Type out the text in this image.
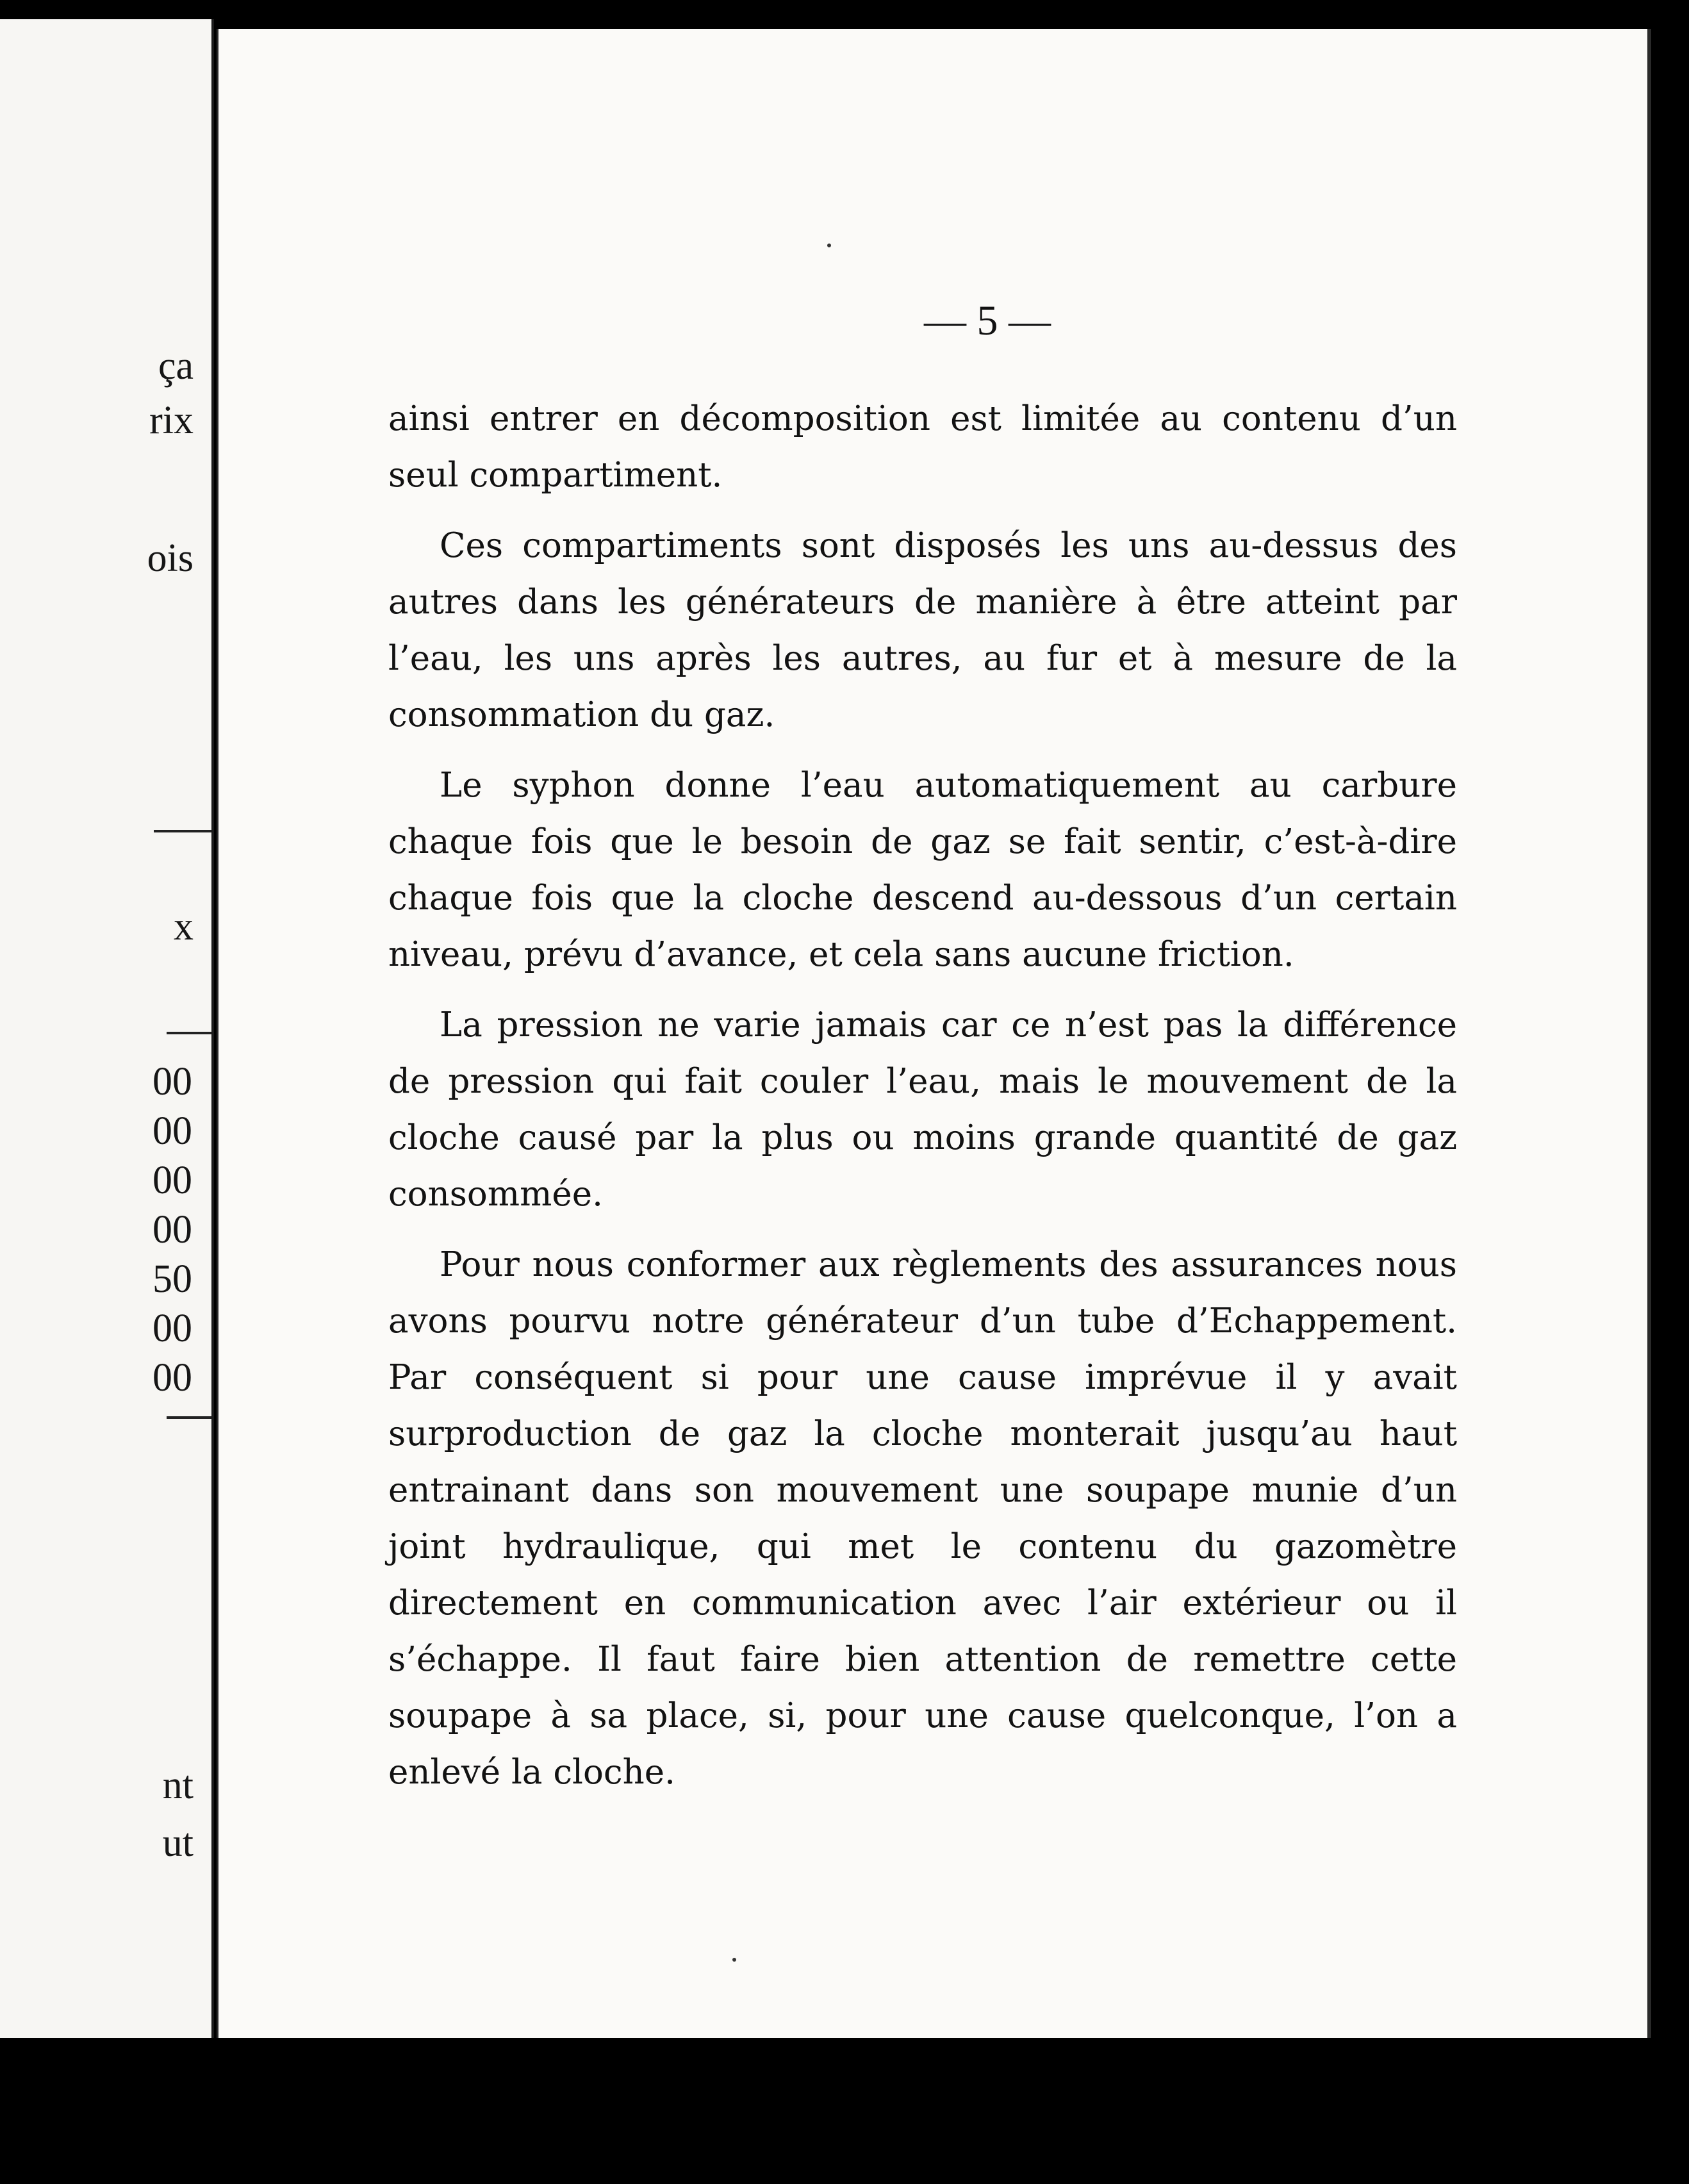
ça
rix
ois
x
00
00
00
00
50
00
00
nt
ut
— 5 —

ainsi entrer en décomposition est limitée au contenu d’un seul compartiment.

Ces compartiments sont disposés les uns au-dessus des autres dans les générateurs de manière à être atteint par l’eau, les uns après les autres, au fur et à mesure de la consommation du gaz.

Le syphon donne l’eau automatiquement au carbure chaque fois que le besoin de gaz se fait sentir, c’est-à-dire chaque fois que la cloche descend au-dessous d’un certain niveau, prévu d’avance, et cela sans aucune friction.

La pression ne varie jamais car ce n’est pas la différence de pression qui fait couler l’eau, mais le mouvement de la cloche causé par la plus ou moins grande quantité de gaz consommée.

Pour nous conformer aux règlements des assurances nous avons pourvu notre générateur d’un tube d’Echappement. Par conséquent si pour une cause imprévue il y avait surproduction de gaz la cloche monterait jusqu’au haut entrainant dans son mouvement une soupape munie d’un joint hydraulique, qui met le contenu du gazomètre directement en communication avec l’air extérieur ou il s’échappe. Il faut faire bien attention de remettre cette soupape à sa place, si, pour une cause quelconque, l’on a enlevé la cloche.
